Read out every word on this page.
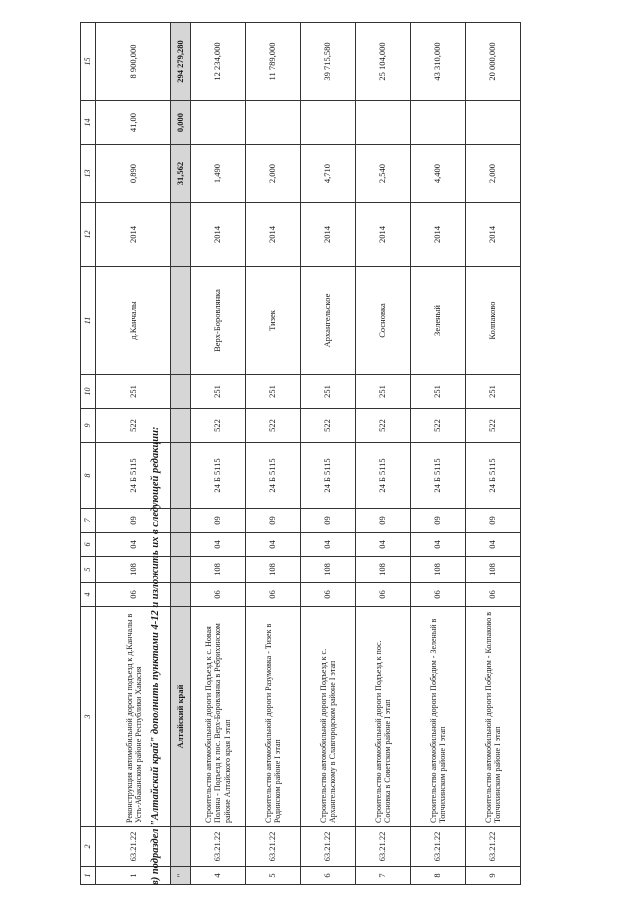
1	2	3	4	5	6	7	8	9	10	11	12	13	14	15
1	63.21.22	Реконструкция автомобильной дороги подъезд к д.Канчалы в Усть-Абаканском районе Республики Хакасия	06	108	04	09	24 Б 5115	522	251	д.Канчалы	2014	0,890	41,00	8 900,000
в) подраздел "Алтайский край" дополнить пунктами 4-12 и изложить их в следующей редакции: "		Алтайский край										31,562	0,000	294 279,280
4	63.21.22	Строительство автомобильной дороги Подъезд к с. Новая Поляна - Подъезд к пос. Верх-Боровлянка в Ребрихинском районе Алтайского края I этап	06	108	04	09	24 Б 5115	522	251	Верх-Боровлянка	2014	1,490		12 234,000
5	63.21.22	Строительство автомобильной дороги Разумовка - Тизек в Родинском районе I этап	06	108	04	09	24 Б 5115	522	251	Тизек	2014	2,000		11 789,000
6	63.21.22	Строительство автомобильной дороги Подъезд к с. Архангельскому в Славгородском районе I этап	06	108	04	09	24 Б 5115	522	251	Архангельское	2014	4,710		39 715,580
7	63.21.22	Строительство автомобильной дороги Подъезд к пос. Сосновка в Советском районе I этап	06	108	04	09	24 Б 5115	522	251	Сосновка	2014	2,540		25 104,000
8	63.21.22	Строительство автомобильной дороги Победим - Зеленый в Топчихинском районе I этап	06	108	04	09	24 Б 5115	522	251	Зеленый	2014	4,400		43 310,000
9	63.21.22	Строительство автомобильной дороги Победим - Колпаково в Топчихинском районе I этап	06	108	04	09	24 Б 5115	522	251	Колпаково	2014	2,000		20 000,000
